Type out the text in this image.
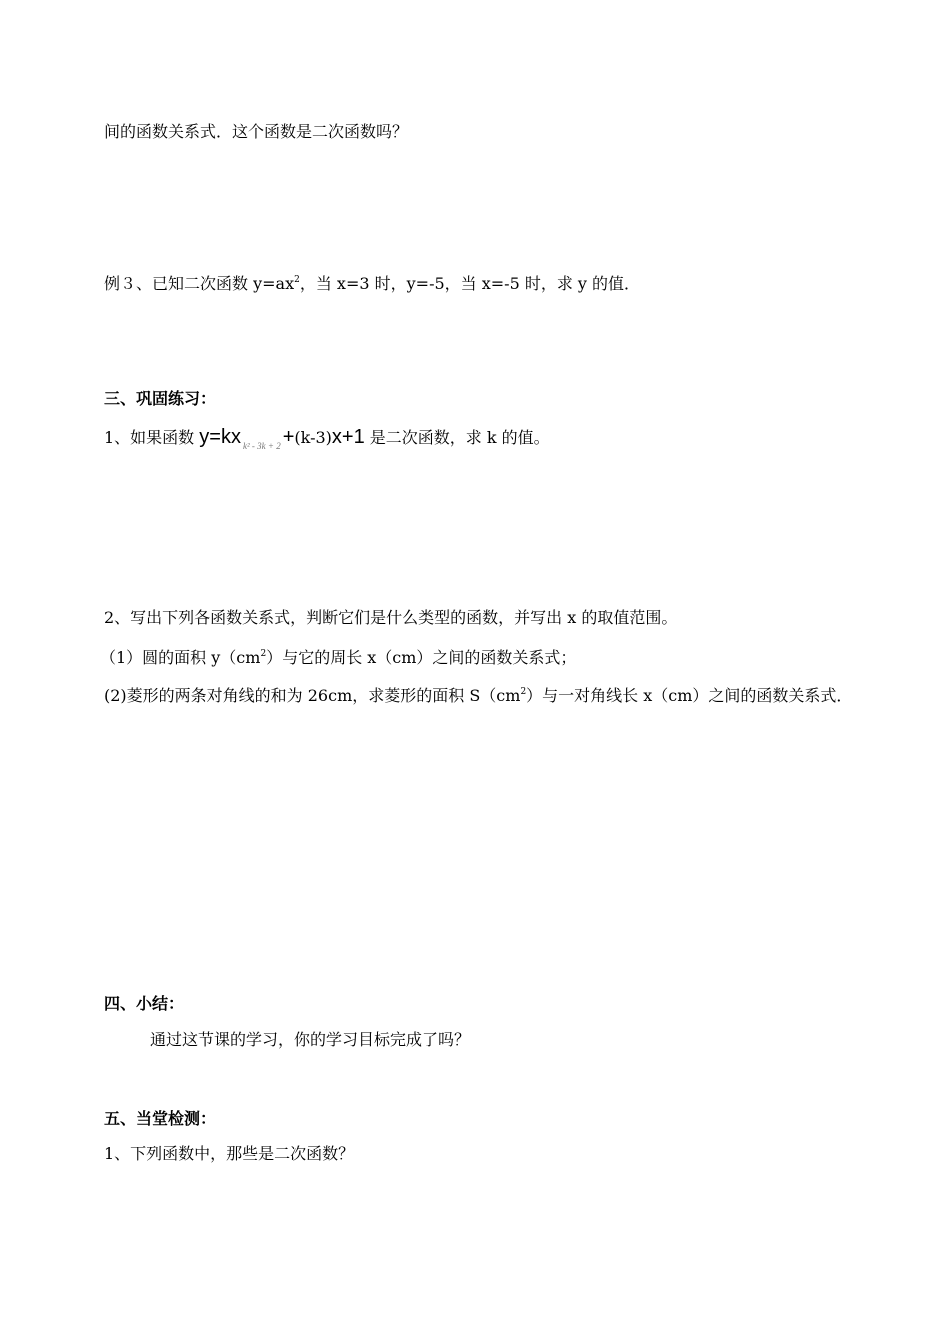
间的函数关系式．这个函数是二次函数吗？
例３、已知二次函数 $y=ax^2$，当 x=3 时，y=-5，当 x=-5 时，求 y 的值．
三、巩固练习：
1、如果函数 y=kx $_{k^2 - 3k + 2}$ +(k-3)x+1 是二次函数，求 k 的值。
2、写出下列各函数关系式，判断它们是什么类型的函数，并写出 x 的取值范围。
（1）圆的面积 $y(cm^2)$与它的周长 x（cm）之间的函数关系式；
(2)菱形的两条对角线的和为 26cm，求菱形的面积 $S(cm^2)$与一对角线长 x（cm）之间的函数关系式．
四、小结：
通过这节课的学习，你的学习目标完成了吗？
五、当堂检测：
1、下列函数中，那些是二次函数？
